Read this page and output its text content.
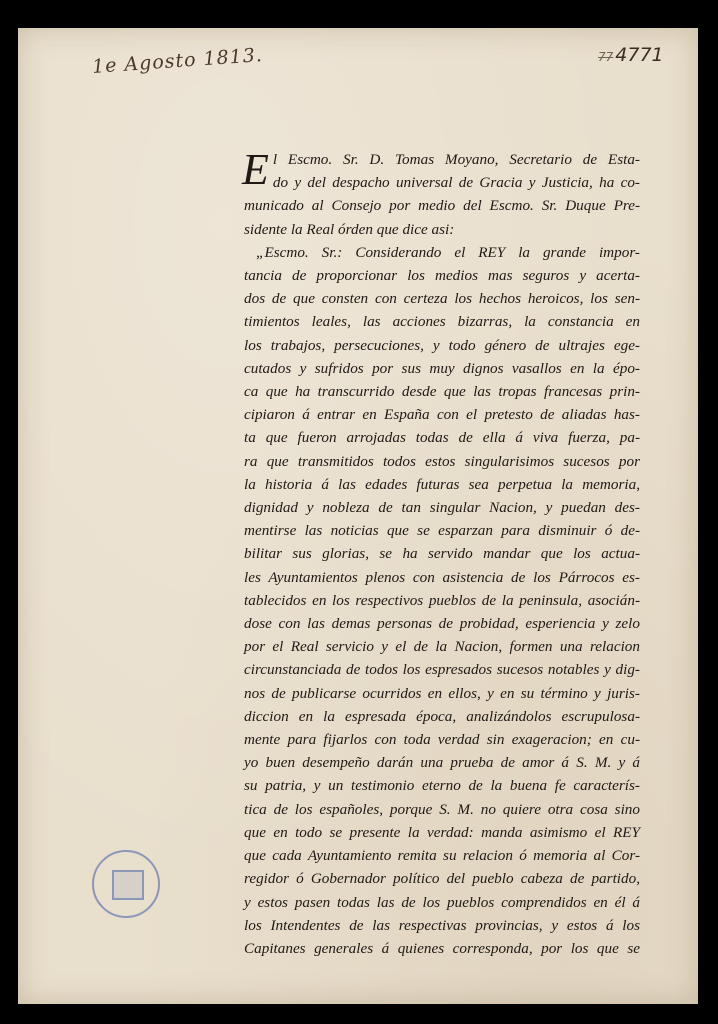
1e Agosto 1813.	77 4771
E l Escmo. Sr. D. Tomas Moyano, Secretario de Esta-
do y del despacho universal de Gracia y Justicia, ha co-
municado al Consejo por medio del Escmo. Sr. Duque Pre-
sidente la Real órden que dice asi:
„Escmo. Sr.: Considerando el REY la grande impor-
tancia de proporcionar los medios mas seguros y acerta-
dos de que consten con certeza los hechos heroicos, los sen-
timientos leales, las acciones bizarras, la constancia en
los trabajos, persecuciones, y todo género de ultrajes ege-
cutados y sufridos por sus muy dignos vasallos en la épo-
ca que ha transcurrido desde que las tropas francesas prin-
cipiaron á entrar en España con el pretesto de aliadas has-
ta que fueron arrojadas todas de ella á viva fuerza, pa-
ra que transmitidos todos estos singularisimos sucesos por
la historia á las edades futuras sea perpetua la memoria,
dignidad y nobleza de tan singular Nacion, y puedan des-
mentirse las noticias que se esparzan para disminuir ó de-
bilitar sus glorias, se ha servido mandar que los actua-
les Ayuntamientos plenos con asistencia de los Párrocos es-
tablecidos en los respectivos pueblos de la peninsula, asocián-
dose con las demas personas de probidad, esperiencia y zelo
por el Real servicio y el de la Nacion, formen una relacion
circunstanciada de todos los espresados sucesos notables y dig-
nos de publicarse ocurridos en ellos, y en su término y juris-
diccion en la espresada época, analizándolos escrupulosa-
mente para fijarlos con toda verdad sin exageracion; en cu-
yo buen desempeño darán una prueba de amor á S. M. y á
su patria, y un testimonio eterno de la buena fe caracterís-
tica de los españoles, porque S. M. no quiere otra cosa sino
que en todo se presente la verdad: manda asimismo el REY
que cada Ayuntamiento remita su relacion ó memoria al Cor-
regidor ó Gobernador político del pueblo cabeza de partido,
y estos pasen todas las de los pueblos comprendidos en él á
los Intendentes de las respectivas provincias, y estos á los
Capitanes generales á quienes corresponda, por los que se
